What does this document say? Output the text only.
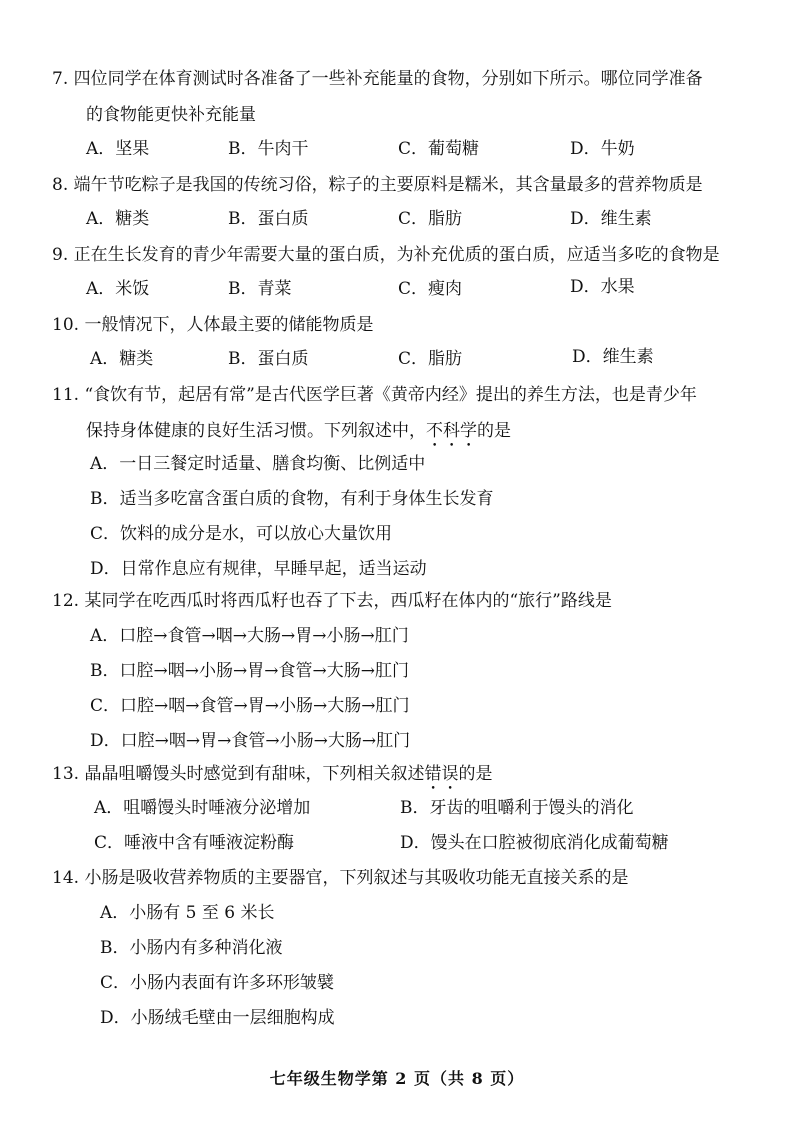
7. 四位同学在体育测试时各准备了一些补充能量的食物，分别如下所示。哪位同学准备

的食物能更快补充能量

A．坚果	B．牛肉干	C．葡萄糖	D．牛奶

8. 端午节吃粽子是我国的传统习俗，粽子的主要原料是糯米，其含量最多的营养物质是

A．糖类	B．蛋白质	C．脂肪	D．维生素

9. 正在生长发育的青少年需要大量的蛋白质，为补充优质的蛋白质，应适当多吃的食物是

A．米饭	B．青菜	C．瘦肉	D．水果

10. 一般情况下，人体最主要的储能物质是

A．糖类	B．蛋白质	C．脂肪	D．维生素

11. “食饮有节，起居有常”是古代医学巨著《黄帝内经》提出的养生方法，也是青少年

保持身体健康的良好生活习惯。下列叙述中，不科学的是

A．一日三餐定时适量、膳食均衡、比例适中
B．适当多吃富含蛋白质的食物，有利于身体生长发育
C．饮料的成分是水，可以放心大量饮用
D．日常作息应有规律，早睡早起，适当运动

12. 某同学在吃西瓜时将西瓜籽也吞了下去，西瓜籽在体内的“旅行”路线是

A．口腔→食管→咽→大肠→胃→小肠→肛门
B．口腔→咽→小肠→胃→食管→大肠→肛门
C．口腔→咽→食管→胃→小肠→大肠→肛门
D．口腔→咽→胃→食管→小肠→大肠→肛门

13. 晶晶咀嚼馒头时感觉到有甜味，下列相关叙述错误的是

A．咀嚼馒头时唾液分泌增加	B．牙齿的咀嚼利于馒头的消化
C．唾液中含有唾液淀粉酶	D．馒头在口腔被彻底消化成葡萄糖

14. 小肠是吸收营养物质的主要器官，下列叙述与其吸收功能无直接关系的是

A．小肠有 5 至 6 米长
B．小肠内有多种消化液
C．小肠内表面有许多环形皱襞
D．小肠绒毛壁由一层细胞构成
七年级生物学第 2 页（共 8 页）
